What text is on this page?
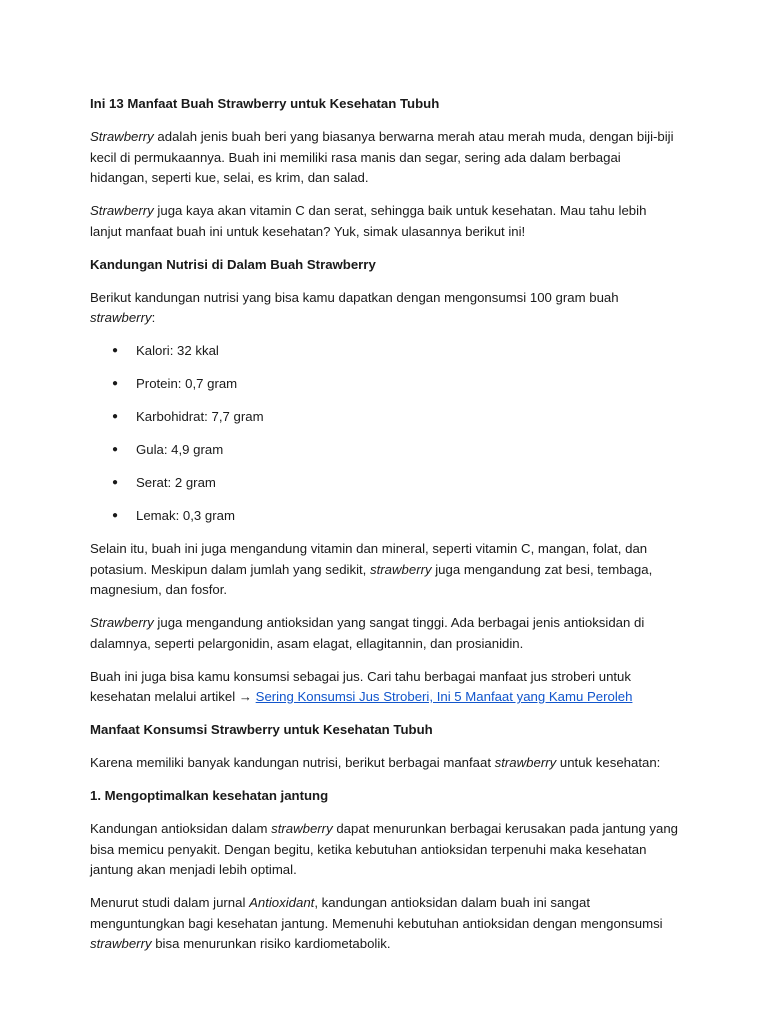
Ini 13 Manfaat Buah Strawberry untuk Kesehatan Tubuh

Strawberry adalah jenis buah beri yang biasanya berwarna merah atau merah muda, dengan biji-biji kecil di permukaannya. Buah ini memiliki rasa manis dan segar, sering ada dalam berbagai hidangan, seperti kue, selai, es krim, dan salad.

Strawberry juga kaya akan vitamin C dan serat, sehingga baik untuk kesehatan. Mau tahu lebih lanjut manfaat buah ini untuk kesehatan? Yuk, simak ulasannya berikut ini!

Kandungan Nutrisi di Dalam Buah Strawberry

Berikut kandungan nutrisi yang bisa kamu dapatkan dengan mengonsumsi 100 gram buah strawberry:

● Kalori: 32 kkal
● Protein: 0,7 gram
● Karbohidrat: 7,7 gram
● Gula: 4,9 gram
● Serat: 2 gram
● Lemak: 0,3 gram

Selain itu, buah ini juga mengandung vitamin dan mineral, seperti vitamin C, mangan, folat, dan potasium. Meskipun dalam jumlah yang sedikit, strawberry juga mengandung zat besi, tembaga, magnesium, dan fosfor.

Strawberry juga mengandung antioksidan yang sangat tinggi. Ada berbagai jenis antioksidan di dalamnya, seperti pelargonidin, asam elagat, ellagitannin, dan prosianidin.

Buah ini juga bisa kamu konsumsi sebagai jus. Cari tahu berbagai manfaat jus stroberi untuk kesehatan melalui artikel → Sering Konsumsi Jus Stroberi, Ini 5 Manfaat yang Kamu Peroleh

Manfaat Konsumsi Strawberry untuk Kesehatan Tubuh

Karena memiliki banyak kandungan nutrisi, berikut berbagai manfaat strawberry untuk kesehatan:

1. Mengoptimalkan kesehatan jantung

Kandungan antioksidan dalam strawberry dapat menurunkan berbagai kerusakan pada jantung yang bisa memicu penyakit. Dengan begitu, ketika kebutuhan antioksidan terpenuhi maka kesehatan jantung akan menjadi lebih optimal.

Menurut studi dalam jurnal Antioxidant, kandungan antioksidan dalam buah ini sangat menguntungkan bagi kesehatan jantung. Memenuhi kebutuhan antioksidan dengan mengonsumsi strawberry bisa menurunkan risiko kardiometabolik.
